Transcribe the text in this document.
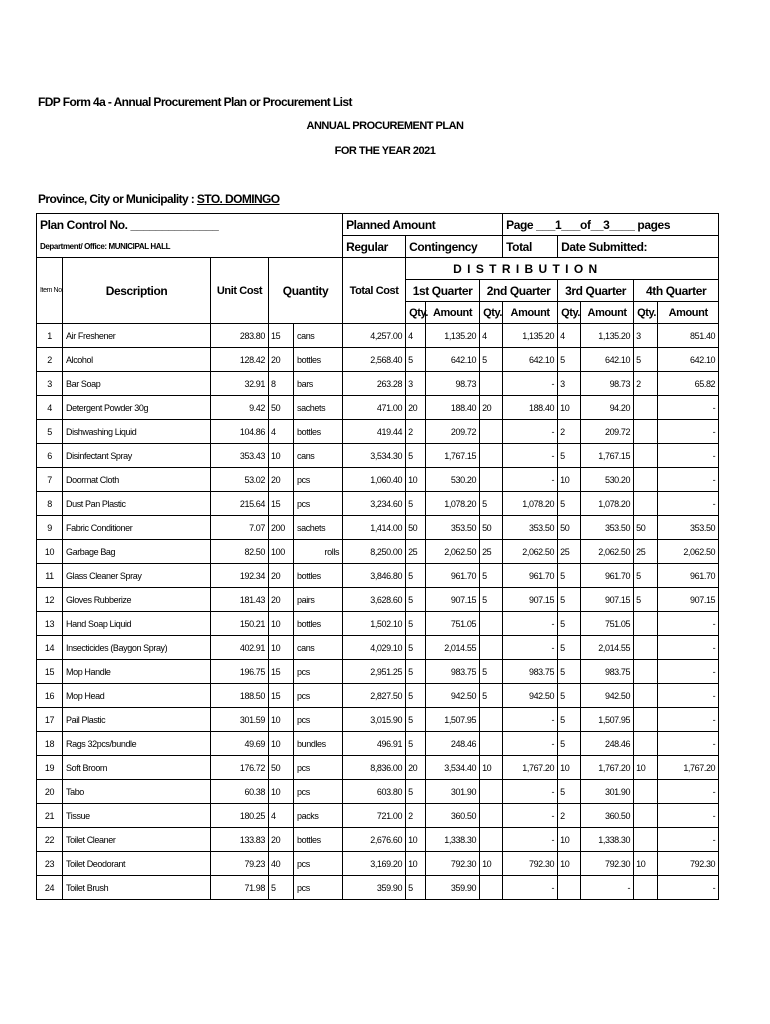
FDP Form 4a - Annual Procurement Plan or Procurement List
ANNUAL PROCUREMENT PLAN
FOR THE YEAR 2021
Province, City or Municipality : STO. DOMINGO
Plan Control No. ______________					Planned Amount				Page ___1___of__3____ pages				
Department/ Office: MUNICIPAL HALL					Regular	Contingency			Total	Date Submitted:			
Item No.	Description	Unit Cost	Quantity		Total Cost	D I S T R I B U T I O N							
						1st Quarter		2nd Quarter		3rd Quarter		4th Quarter	
						Qty.	Amount	Qty.	Amount	Qty.	Amount	Qty.	Amount
1	Air Freshener	283.80	15	cans	4,257.00	4	1,135.20	4	1,135.20	4	1,135.20	3	851.40
2	Alcohol	128.42	20	bottles	2,568.40	5	642.10	5	642.10	5	642.10	5	642.10
3	Bar Soap	32.91	8	bars	263.28	3	98.73		-	3	98.73	2	65.82
4	Detergent Powder 30g	9.42	50	sachets	471.00	20	188.40	20	188.40	10	94.20		-
5	Dishwashing Liquid	104.86	4	bottles	419.44	2	209.72		-	2	209.72		-
6	Disinfectant Spray	353.43	10	cans	3,534.30	5	1,767.15		-	5	1,767.15		-
7	Doormat Cloth	53.02	20	pcs	1,060.40	10	530.20		-	10	530.20		-
8	Dust Pan Plastic	215.64	15	pcs	3,234.60	5	1,078.20	5	1,078.20	5	1,078.20		-
9	Fabric Conditioner	7.07	200	sachets	1,414.00	50	353.50	50	353.50	50	353.50	50	353.50
10	Garbage Bag	82.50	100	rolls	8,250.00	25	2,062.50	25	2,062.50	25	2,062.50	25	2,062.50
11	Glass Cleaner Spray	192.34	20	bottles	3,846.80	5	961.70	5	961.70	5	961.70	5	961.70
12	Gloves Rubberize	181.43	20	pairs	3,628.60	5	907.15	5	907.15	5	907.15	5	907.15
13	Hand Soap Liquid	150.21	10	bottles	1,502.10	5	751.05		-	5	751.05		-
14	Insecticides (Baygon Spray)	402.91	10	cans	4,029.10	5	2,014.55		-	5	2,014.55		-
15	Mop Handle	196.75	15	pcs	2,951.25	5	983.75	5	983.75	5	983.75		-
16	Mop Head	188.50	15	pcs	2,827.50	5	942.50	5	942.50	5	942.50		-
17	Pail Plastic	301.59	10	pcs	3,015.90	5	1,507.95		-	5	1,507.95		-
18	Rags 32pcs/bundle	49.69	10	bundles	496.91	5	248.46		-	5	248.46		-
19	Soft Broom	176.72	50	pcs	8,836.00	20	3,534.40	10	1,767.20	10	1,767.20	10	1,767.20
20	Tabo	60.38	10	pcs	603.80	5	301.90		-	5	301.90		-
21	Tissue	180.25	4	packs	721.00	2	360.50		-	2	360.50		-
22	Toilet Cleaner	133.83	20	bottles	2,676.60	10	1,338.30		-	10	1,338.30		-
23	Toilet Deodorant	79.23	40	pcs	3,169.20	10	792.30	10	792.30	10	792.30	10	792.30
24	Toilet Brush	71.98	5	pcs	359.90	5	359.90		-		-		-
